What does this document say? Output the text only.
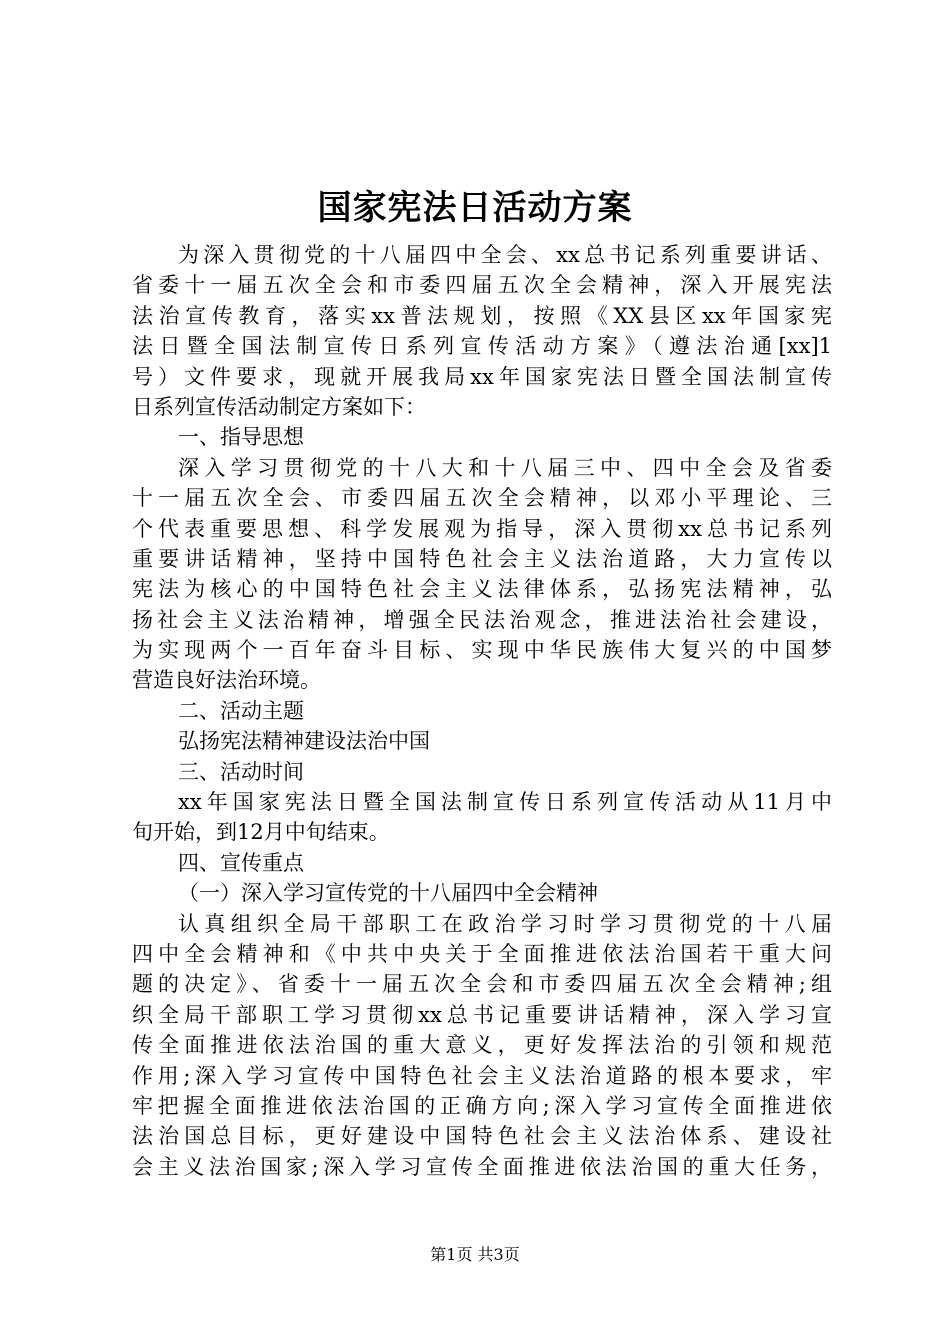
国家宪法日活动方案
为深入贯彻党的十八届四中全会、xx总书记系列重要讲话、
省委十一届五次全会和市委四届五次全会精神，深入开展宪法
法治宣传教育，落实xx普法规划，按照《XX县区xx年国家宪
法日暨全国法制宣传日系列宣传活动方案》（遵法治通[xx]1
号）文件要求，现就开展我局xx年国家宪法日暨全国法制宣传
日系列宣传活动制定方案如下：
一、指导思想
深入学习贯彻党的十八大和十八届三中、四中全会及省委
十一届五次全会、市委四届五次全会精神，以邓小平理论、三
个代表重要思想、科学发展观为指导，深入贯彻xx总书记系列
重要讲话精神，坚持中国特色社会主义法治道路，大力宣传以
宪法为核心的中国特色社会主义法律体系，弘扬宪法精神，弘
扬社会主义法治精神，增强全民法治观念，推进法治社会建设，
为实现两个一百年奋斗目标、实现中华民族伟大复兴的中国梦
营造良好法治环境。
二、活动主题
弘扬宪法精神建设法治中国
三、活动时间
xx年国家宪法日暨全国法制宣传日系列宣传活动从11月中
旬开始，到12月中旬结束。
四、宣传重点
（一）深入学习宣传党的十八届四中全会精神
认真组织全局干部职工在政治学习时学习贯彻党的十八届
四中全会精神和《中共中央关于全面推进依法治国若干重大问
题的决定》、省委十一届五次全会和市委四届五次全会精神;组
织全局干部职工学习贯彻xx总书记重要讲话精神，深入学习宣
传全面推进依法治国的重大意义，更好发挥法治的引领和规范
作用;深入学习宣传中国特色社会主义法治道路的根本要求，牢
牢把握全面推进依法治国的正确方向;深入学习宣传全面推进依
法治国总目标，更好建设中国特色社会主义法治体系、建设社
会主义法治国家;深入学习宣传全面推进依法治国的重大任务，
第1页 共3页
